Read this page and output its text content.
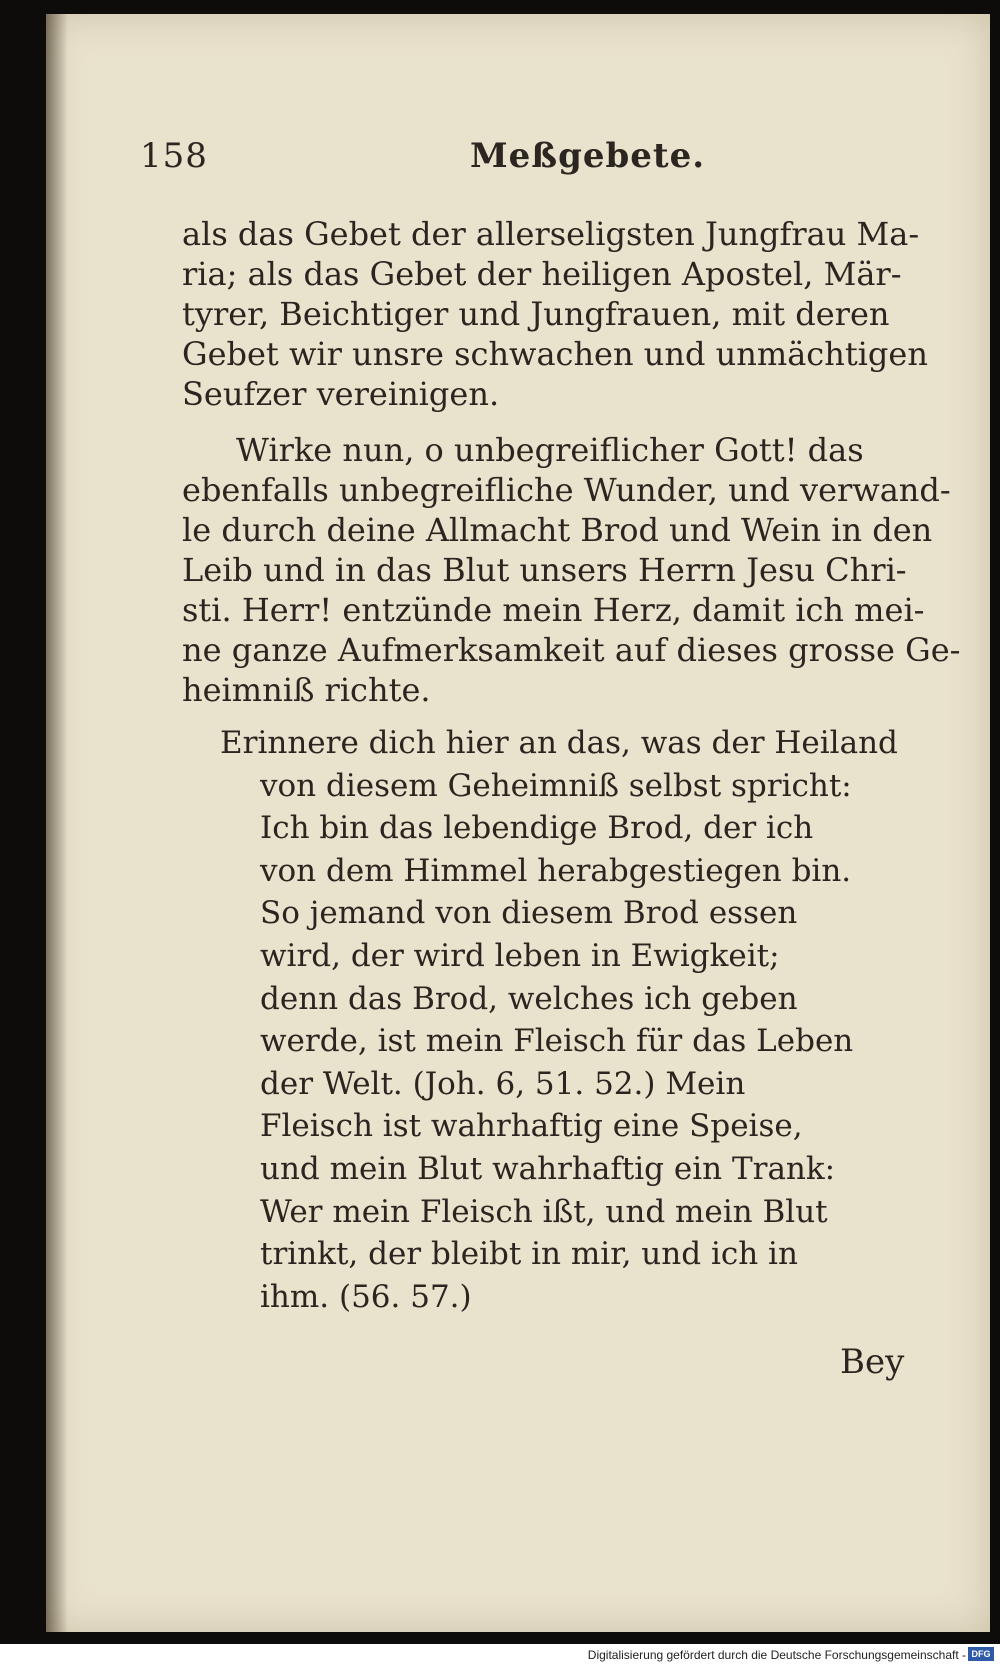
158	Meßgebete.

als das Gebet der allerseligsten Jungfrau Ma-
ria; als das Gebet der heiligen Apostel, Mär-
tyrer, Beichtiger und Jungfrauen, mit deren
Gebet wir unsre schwachen und unmächtigen
Seufzer vereinigen.

Wirke nun, o unbegreiflicher Gott! das
ebenfalls unbegreifliche Wunder, und verwand-
le durch deine Allmacht Brod und Wein in den
Leib und in das Blut unsers Herrn Jesu Chri-
sti. Herr! entzünde mein Herz, damit ich mei-
ne ganze Aufmerksamkeit auf dieses grosse Ge-
heimniß richte.

Erinnere dich hier an das, was der Heiland
von diesem Geheimniß selbst spricht:
Ich bin das lebendige Brod, der ich
von dem Himmel herabgestiegen bin.
So jemand von diesem Brod essen
wird, der wird leben in Ewigkeit;
denn das Brod, welches ich geben
werde, ist mein Fleisch für das Leben
der Welt. (Joh. 6, 51. 52.) Mein
Fleisch ist wahrhaftig eine Speise,
und mein Blut wahrhaftig ein Trank:
Wer mein Fleisch ißt, und mein Blut
trinkt, der bleibt in mir, und ich in
ihm. (56. 57.)

Bey
Digitalisierung gefördert durch die Deutsche Forschungsgemeinschaft - DFG
